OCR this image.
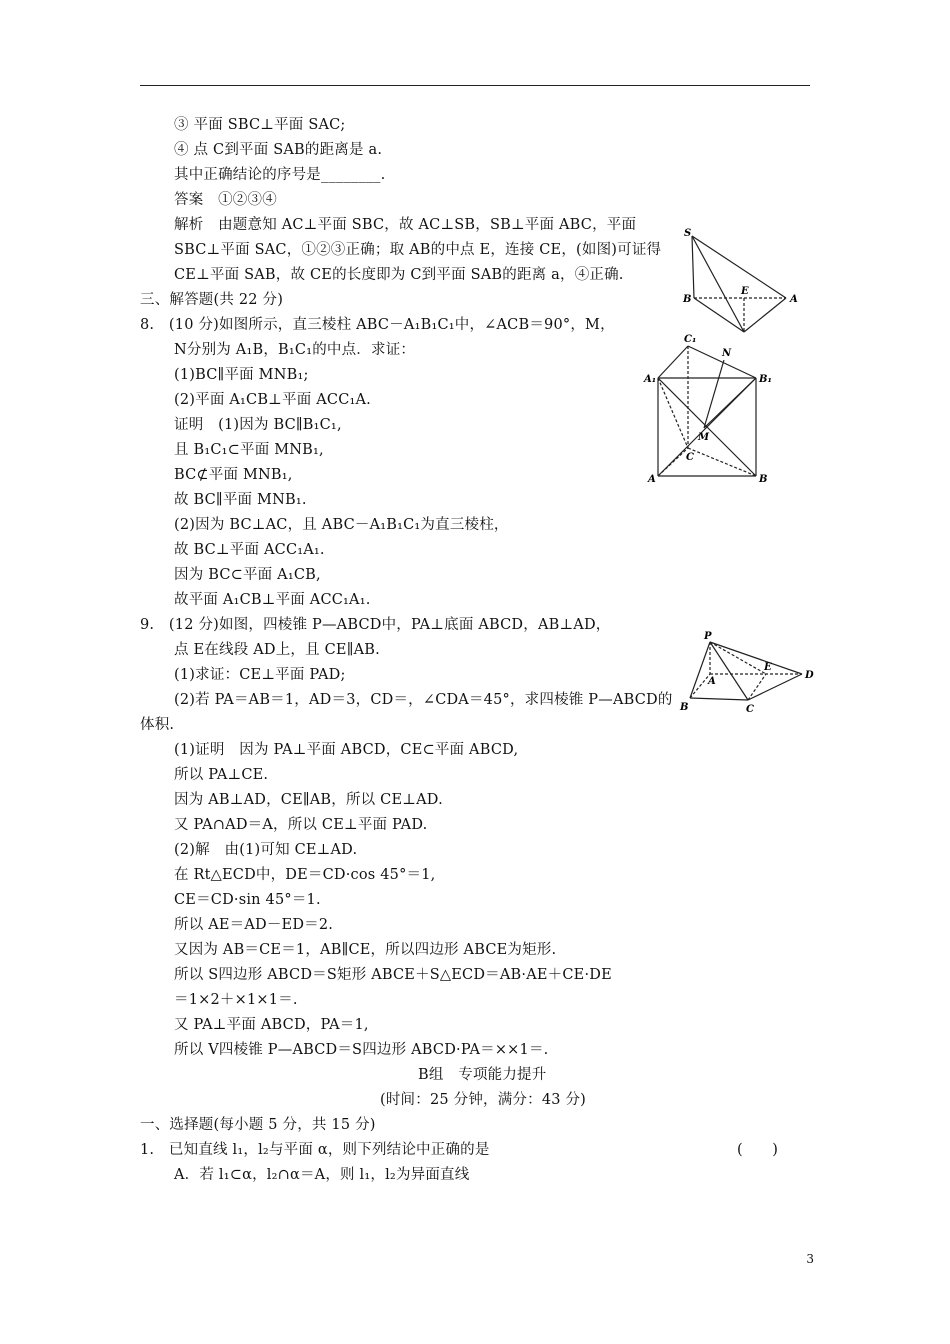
③ 平面 SBC⊥平面 SAC;
④ 点 C到平面 SAB的距离是 a.
其中正确结论的序号是________.
答案　①②③④
解析　由题意知 AC⊥平面 SBC，故 AC⊥SB，SB⊥平面 ABC，平面
SBC⊥平面 SAC，①②③正确；取 AB的中点 E，连接 CE，(如图)可证得
CE⊥平面 SAB，故 CE的长度即为 C到平面 SAB的距离 a，④正确.
三、解答题(共 22 分)
8.　(10 分)如图所示，直三棱柱 ABC－A₁B₁C₁中，∠ACB＝90°，M，
N分别为 A₁B，B₁C₁的中点．求证：
(1)BC∥平面 MNB₁;
(2)平面 A₁CB⊥平面 ACC₁A.
证明　(1)因为 BC∥B₁C₁,
且 B₁C₁⊂平面 MNB₁,
BC⊄平面 MNB₁,
故 BC∥平面 MNB₁.
(2)因为 BC⊥AC，且 ABC－A₁B₁C₁为直三棱柱，
故 BC⊥平面 ACC₁A₁.
因为 BC⊂平面 A₁CB,
故平面 A₁CB⊥平面 ACC₁A₁.
9.　(12 分)如图，四棱锥 P—ABCD中，PA⊥底面 ABCD，AB⊥AD，
点 E在线段 AD上，且 CE∥AB.
(1)求证：CE⊥平面 PAD;
(2)若 PA＝AB＝1，AD＝3，CD＝，∠CDA＝45°，求四棱锥 P—ABCD的
体积.
(1)证明　因为 PA⊥平面 ABCD，CE⊂平面 ABCD,
所以 PA⊥CE.
因为 AB⊥AD，CE∥AB，所以 CE⊥AD.
又 PA∩AD＝A，所以 CE⊥平面 PAD.
(2)解　由(1)可知 CE⊥AD.
在 Rt△ECD中，DE＝CD·cos 45°＝1,
CE＝CD·sin 45°＝1.
所以 AE＝AD－ED＝2.
又因为 AB＝CE＝1，AB∥CE，所以四边形 ABCE为矩形.
所以 S四边形 ABCD＝S矩形 ABCE＋S△ECD＝AB·AE＋CE·DE
＝1×2＋×1×1＝.
又 PA⊥平面 ABCD，PA＝1,
所以 V四棱锥 P—ABCD＝S四边形 ABCD·PA＝××1＝.
B组　专项能力提升
(时间：25 分钟，满分：43 分)
一、选择题(每小题 5 分，共 15 分)
1.　已知直线 l₁，l₂与平面 α，则下列结论中正确的是	(　　)
A．若 l₁⊂α，l₂∩α＝A，则 l₁，l₂为异面直线
S
B
E
A
C₁
N
A₁	B₁
M
C
A	B
P
E
D
A
B	C
3
